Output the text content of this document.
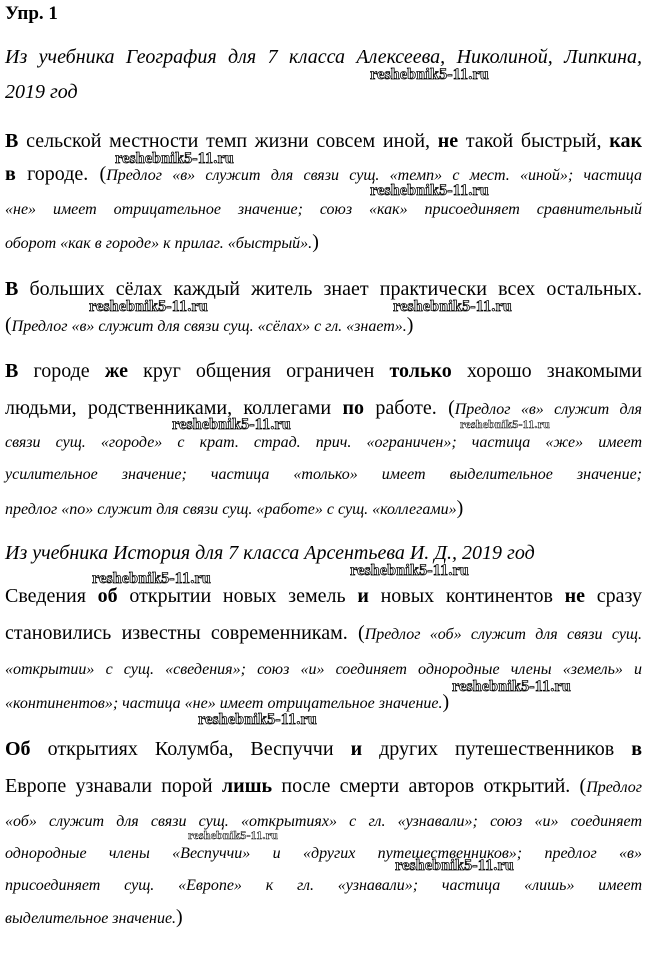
Упр. 1
Из учебника География для 7 класса Алексеева, Николиной, Липкина,
2019 год
В сельской местности темп жизни совсем иной, не такой быстрый, как
в городе. (Предлог «в» служит для связи сущ. «темп» с мест. «иной»; частица
«не» имеет отрицательное значение; союз «как» присоединяет сравнительный
оборот «как в городе» к прилаг. «быстрый».)
В больших сёлах каждый житель знает практически всех остальных.
(Предлог «в» служит для связи сущ. «сёлах» с гл. «знает».)
В городе же круг общения ограничен только хорошо знакомыми
людьми, родственниками, коллегами по работе. (Предлог «в» служит для
связи сущ. «городе» с крат. страд. прич. «ограничен»; частица «же» имеет
усилительное значение; частица «только» имеет выделительное значение;
предлог «по» служит для связи сущ. «работе» с сущ. «коллегами»)
Из учебника История для 7 класса Арсентьева И. Д., 2019 год
Сведения об открытии новых земель и новых континентов не сразу
становились известны современникам. (Предлог «об» служит для связи сущ.
«открытии» с сущ. «сведения»; союз «и» соединяет однородные члены «земель» и
«континентов»; частица «не» имеет отрицательное значение.)
Об открытиях Колумба, Веспуччи и других путешественников в
Европе узнавали порой лишь после смерти авторов открытий. (Предлог
«об» служит для связи сущ. «открытиях» с гл. «узнавали»; союз «и» соединяет
однородные члены «Веспуччи» и «других путешественников»; предлог «в»
присоединяет сущ. «Европе» к гл. «узнавали»; частица «лишь» имеет
выделительное значение.)
reshebnik5-11.ru
reshebnik5-11.ru
reshebnik5-11.ru
reshebnik5-11.ru	reshebnik5-11.ru
reshebnik5-11.ru	reshebnik5-11.ru
reshebnik5-11.ru
reshebnik5-11.ru
reshebnik5-11.ru
reshebnik5-11.ru
reshebnik5-11.ru
reshebnik5-11.ru
